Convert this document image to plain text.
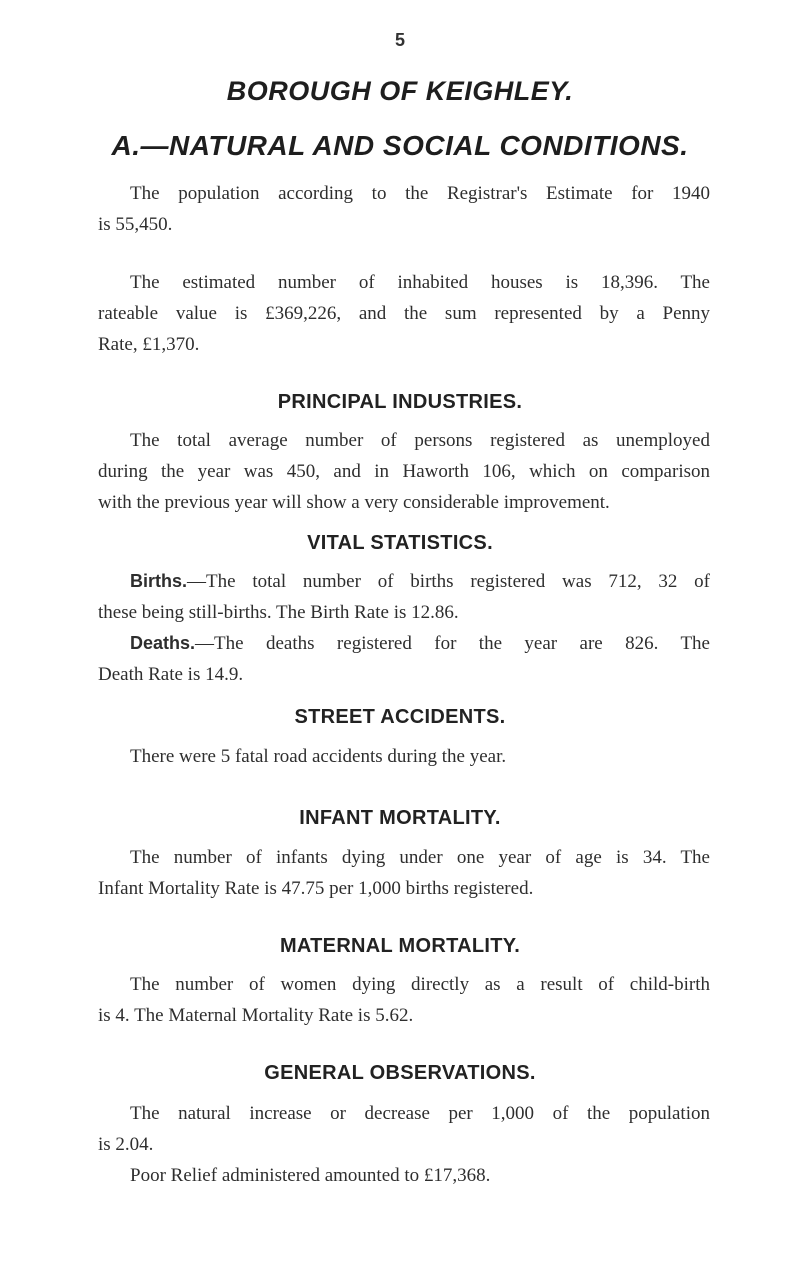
5
BOROUGH OF KEIGHLEY.
A.—NATURAL AND SOCIAL CONDITIONS.
The population according to the Registrar's Estimate for 1940
is 55,450.
The estimated number of inhabited houses is 18,396. The
rateable value is £369,226, and the sum represented by a Penny
Rate, £1,370.
PRINCIPAL INDUSTRIES.
The total average number of persons registered as unemployed
during the year was 450, and in Haworth 106, which on comparison
with the previous year will show a very considerable improvement.
VITAL STATISTICS.
Births.—The total number of births registered was 712, 32 of
these being still-births. The Birth Rate is 12.86.
Deaths.—The deaths registered for the year are 826. The
Death Rate is 14.9.
STREET ACCIDENTS.
There were 5 fatal road accidents during the year.
INFANT MORTALITY.
The number of infants dying under one year of age is 34. The
Infant Mortality Rate is 47.75 per 1,000 births registered.
MATERNAL MORTALITY.
The number of women dying directly as a result of child-birth
is 4. The Maternal Mortality Rate is 5.62.
GENERAL OBSERVATIONS.
The natural increase or decrease per 1,000 of the population
is 2.04.
Poor Relief administered amounted to £17,368.
